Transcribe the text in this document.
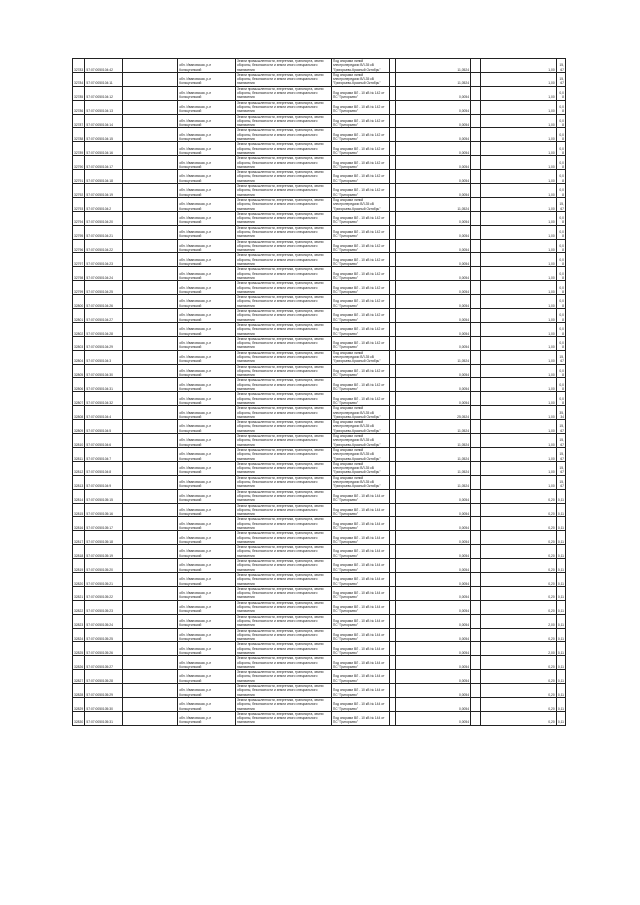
32783	57:07:0050104:42		обл. Ивановская, р-н Кольчугинский	Земли промышленности, энергетики, транспорта, земли обороны, безопасности и земли иного специального назначения	Под опорами линий электропередачи ВЛ-35 кВ "Григорьево-Красный Октябрь"		11,0524		1,00	15,67
32784	57:07:0050104:11		обл. Ивановская, р-н Кольчугинский	Земли промышленности, энергетики, транспорта, земли обороны, безопасности и земли иного специального назначения	Под опорами линий электропередачи ВЛ-35 кВ "Григорьево-Красный Октябрь"		11,0524		1,00	15,67
32785	57:07:0050104:12		обл. Ивановская, р-н Кольчугинский	Земли промышленности, энергетики, транспорта, земли обороны, безопасности и земли иного специального назначения	Под опорами ВЛ - 10 кВ № 142 от ПС "Григорьево"		0,0054		1,00	0,08
32786	57:07:0050104:13		обл. Ивановская, р-н Кольчугинский	Земли промышленности, энергетики, транспорта, земли обороны, безопасности и земли иного специального назначения	Под опорами ВЛ - 10 кВ № 142 от ПС "Григорьево"		0,0054		1,00	0,08
32787	57:07:0050104:14		обл. Ивановская, р-н Кольчугинский	Земли промышленности, энергетики, транспорта, земли обороны, безопасности и земли иного специального назначения	Под опорами ВЛ - 10 кВ № 142 от ПС "Григорьево"		0,0054		1,00	0,08
32788	57:07:0050104:15		обл. Ивановская, р-н Кольчугинский	Земли промышленности, энергетики, транспорта, земли обороны, безопасности и земли иного специального назначения	Под опорами ВЛ - 10 кВ № 142 от ПС "Григорьево"		0,0054		1,00	0,08
32789	57:07:0050104:16		обл. Ивановская, р-н Кольчугинский	Земли промышленности, энергетики, транспорта, земли обороны, безопасности и земли иного специального назначения	Под опорами ВЛ - 10 кВ № 142 от ПС "Григорьево"		0,0054		1,00	0,08
32790	57:07:0050104:17		обл. Ивановская, р-н Кольчугинский	Земли промышленности, энергетики, транспорта, земли обороны, безопасности и земли иного специального назначения	Под опорами ВЛ - 10 кВ № 142 от ПС "Григорьево"		0,0054		1,00	0,08
32791	57:07:0050104:18		обл. Ивановская, р-н Кольчугинский	Земли промышленности, энергетики, транспорта, земли обороны, безопасности и земли иного специального назначения	Под опорами ВЛ - 10 кВ № 142 от ПС "Григорьево"		0,0054		1,00	0,08
32792	57:07:0050104:19		обл. Ивановская, р-н Кольчугинский	Земли промышленности, энергетики, транспорта, земли обороны, безопасности и земли иного специального назначения	Под опорами ВЛ - 10 кВ № 142 от ПС "Григорьево"		0,0054		1,00	0,08
32793	57:07:0050104:2		обл. Ивановская, р-н Кольчугинский	Земли промышленности, энергетики, транспорта, земли обороны, безопасности и земли иного специального назначения	Под опорами линий электропередачи ВЛ-35 кВ "Григорьево-Красный Октябрь"		11,0524		1,00	15,67
32794	57:07:0050104:20		обл. Ивановская, р-н Кольчугинский	Земли промышленности, энергетики, транспорта, земли обороны, безопасности и земли иного специального назначения	Под опорами ВЛ - 10 кВ № 142 от ПС "Григорьево"		0,0054		1,00	0,08
32795	57:07:0050104:21		обл. Ивановская, р-н Кольчугинский	Земли промышленности, энергетики, транспорта, земли обороны, безопасности и земли иного специального назначения	Под опорами ВЛ - 10 кВ № 142 от ПС "Григорьево"		0,0054		1,00	0,08
32796	57:07:0050104:22		обл. Ивановская, р-н Кольчугинский	Земли промышленности, энергетики, транспорта, земли обороны, безопасности и земли иного специального назначения	Под опорами ВЛ - 10 кВ № 142 от ПС "Григорьево"		0,0054		1,00	0,08
32797	57:07:0050104:23		обл. Ивановская, р-н Кольчугинский	Земли промышленности, энергетики, транспорта, земли обороны, безопасности и земли иного специального назначения	Под опорами ВЛ - 10 кВ № 142 от ПС "Григорьево"		0,0054		1,00	0,08
32798	57:07:0050104:24		обл. Ивановская, р-н Кольчугинский	Земли промышленности, энергетики, транспорта, земли обороны, безопасности и земли иного специального назначения	Под опорами ВЛ - 10 кВ № 142 от ПС "Григорьево"		0,0054		1,00	0,08
32799	57:07:0050104:25		обл. Ивановская, р-н Кольчугинский	Земли промышленности, энергетики, транспорта, земли обороны, безопасности и земли иного специального назначения	Под опорами ВЛ - 10 кВ № 142 от ПС "Григорьево"		0,0054		1,00	0,08
32800	57:07:0050104:26		обл. Ивановская, р-н Кольчугинский	Земли промышленности, энергетики, транспорта, земли обороны, безопасности и земли иного специального назначения	Под опорами ВЛ - 10 кВ № 142 от ПС "Григорьево"		0,0054		1,00	0,08
32801	57:07:0050104:27		обл. Ивановская, р-н Кольчугинский	Земли промышленности, энергетики, транспорта, земли обороны, безопасности и земли иного специального назначения	Под опорами ВЛ - 10 кВ № 142 от ПС "Григорьево"		0,0054		1,00	0,08
32802	57:07:0050104:28		обл. Ивановская, р-н Кольчугинский	Земли промышленности, энергетики, транспорта, земли обороны, безопасности и земли иного специального назначения	Под опорами ВЛ - 10 кВ № 142 от ПС "Григорьево"		0,0054		1,00	0,08
32803	57:07:0050104:29		обл. Ивановская, р-н Кольчугинский	Земли промышленности, энергетики, транспорта, земли обороны, безопасности и земли иного специального назначения	Под опорами ВЛ - 10 кВ № 142 от ПС "Григорьево"		0,0054		1,00	0,08
32804	57:07:0050104:3		обл. Ивановская, р-н Кольчугинский	Земли промышленности, энергетики, транспорта, земли обороны, безопасности и земли иного специального назначения	Под опорами линий электропередачи ВЛ-35 кВ "Григорьево-Красный Октябрь"		11,0524		1,00	15,67
32805	57:07:0050104:30		обл. Ивановская, р-н Кольчугинский	Земли промышленности, энергетики, транспорта, земли обороны, безопасности и земли иного специального назначения	Под опорами ВЛ - 10 кВ № 142 от ПС "Григорьево"		0,0054		1,00	0,08
32806	57:07:0050104:31		обл. Ивановская, р-н Кольчугинский	Земли промышленности, энергетики, транспорта, земли обороны, безопасности и земли иного специального назначения	Под опорами ВЛ - 10 кВ № 142 от ПС "Григорьево"		0,0054		1,00	0,08
32807	57:07:0050104:32		обл. Ивановская, р-н Кольчугинский	Земли промышленности, энергетики, транспорта, земли обороны, безопасности и земли иного специального назначения	Под опорами ВЛ - 10 кВ № 142 от ПС "Григорьево"		0,0054		1,00	0,08
32808	57:07:0050104:4		обл. Ивановская, р-н Кольчугинский	Земли промышленности, энергетики, транспорта, земли обороны, безопасности и земли иного специального назначения	Под опорами линий электропередачи ВЛ-35 кВ "Григорьево-Красный Октябрь"		25,0524		1,00	35,34
32809	57:07:0050104:5		обл. Ивановская, р-н Кольчугинский	Земли промышленности, энергетики, транспорта, земли обороны, безопасности и земли иного специального назначения	Под опорами линий электропередачи ВЛ-35 кВ "Григорьево-Красный Октябрь"		11,0524		1,00	15,67
32810	57:07:0050104:6		обл. Ивановская, р-н Кольчугинский	Земли промышленности, энергетики, транспорта, земли обороны, безопасности и земли иного специального назначения	Под опорами линий электропередачи ВЛ-35 кВ "Григорьево-Красный Октябрь"		11,0524		1,00	15,67
32811	57:07:0050104:7		обл. Ивановская, р-н Кольчугинский	Земли промышленности, энергетики, транспорта, земли обороны, безопасности и земли иного специального назначения	Под опорами линий электропередачи ВЛ-35 кВ "Григорьево-Красный Октябрь"		11,0524		1,00	15,67
32812	57:07:0050104:8		обл. Ивановская, р-н Кольчугинский	Земли промышленности, энергетики, транспорта, земли обороны, безопасности и земли иного специального назначения	Под опорами линий электропередачи ВЛ-35 кВ "Григорьево-Красный Октябрь"		11,0524		1,00	15,67
32813	57:07:0050104:9		обл. Ивановская, р-н Кольчугинский	Земли промышленности, энергетики, транспорта, земли обороны, безопасности и земли иного специального назначения	Под опорами линий электропередачи ВЛ-35 кВ "Григорьево-Красный Октябрь"		11,0524		1,00	15,67
32814	57:07:0050105:15		обл. Ивановская, р-н Кольчугинский	Земли промышленности, энергетики, транспорта, земли обороны, безопасности и земли иного специального назначения	Под опорами ВЛ - 10 кВ № 144 от ПС "Григорьево"		0,0054		0,20	0,11
32815	57:07:0050105:16		обл. Ивановская, р-н Кольчугинский	Земли промышленности, энергетики, транспорта, земли обороны, безопасности и земли иного специального назначения	Под опорами ВЛ - 10 кВ № 144 от ПС "Григорьево"		0,0054		0,20	0,11
32816	57:07:0050105:17		обл. Ивановская, р-н Кольчугинский	Земли промышленности, энергетики, транспорта, земли обороны, безопасности и земли иного специального назначения	Под опорами ВЛ - 10 кВ № 144 от ПС "Григорьево"		0,0054		0,20	0,11
32817	57:07:0050105:18		обл. Ивановская, р-н Кольчугинский	Земли промышленности, энергетики, транспорта, земли обороны, безопасности и земли иного специального назначения	Под опорами ВЛ - 10 кВ № 144 от ПС "Григорьево"		0,0054		0,20	0,11
32818	57:07:0050105:19		обл. Ивановская, р-н Кольчугинский	Земли промышленности, энергетики, транспорта, земли обороны, безопасности и земли иного специального назначения	Под опорами ВЛ - 10 кВ № 144 от ПС "Григорьево"		0,0054		0,20	0,11
32819	57:07:0050105:20		обл. Ивановская, р-н Кольчугинский	Земли промышленности, энергетики, транспорта, земли обороны, безопасности и земли иного специального назначения	Под опорами ВЛ - 10 кВ № 144 от ПС "Григорьево"		0,0054		0,20	0,11
32820	57:07:0050105:21		обл. Ивановская, р-н Кольчугинский	Земли промышленности, энергетики, транспорта, земли обороны, безопасности и земли иного специального назначения	Под опорами ВЛ - 10 кВ № 144 от ПС "Григорьево"		0,0054		0,20	0,11
32821	57:07:0050105:22		обл. Ивановская, р-н Кольчугинский	Земли промышленности, энергетики, транспорта, земли обороны, безопасности и земли иного специального назначения	Под опорами ВЛ - 10 кВ № 144 от ПС "Григорьево"		0,0054		0,20	0,11
32822	57:07:0050105:23		обл. Ивановская, р-н Кольчугинский	Земли промышленности, энергетики, транспорта, земли обороны, безопасности и земли иного специального назначения	Под опорами ВЛ - 10 кВ № 144 от ПС "Григорьево"		0,0054		0,20	0,11
32823	57:07:0050105:24		обл. Ивановская, р-н Кольчугинский	Земли промышленности, энергетики, транспорта, земли обороны, безопасности и земли иного специального назначения	Под опорами ВЛ - 10 кВ № 144 от ПС "Григорьево"		0,0054		2,00	0,11
32824	57:07:0050105:25		обл. Ивановская, р-н Кольчугинский	Земли промышленности, энергетики, транспорта, земли обороны, безопасности и земли иного специального назначения	Под опорами ВЛ - 10 кВ № 144 от ПС "Григорьево"		0,0054		0,20	0,11
32825	57:07:0050105:26		обл. Ивановская, р-н Кольчугинский	Земли промышленности, энергетики, транспорта, земли обороны, безопасности и земли иного специального назначения	Под опорами ВЛ - 10 кВ № 144 от ПС "Григорьево"		0,0054		2,00	0,11
32826	57:07:0050105:27		обл. Ивановская, р-н Кольчугинский	Земли промышленности, энергетики, транспорта, земли обороны, безопасности и земли иного специального назначения	Под опорами ВЛ - 10 кВ № 144 от ПС "Григорьево"		0,0054		0,20	0,11
32827	57:07:0050105:28		обл. Ивановская, р-н Кольчугинский	Земли промышленности, энергетики, транспорта, земли обороны, безопасности и земли иного специального назначения	Под опорами ВЛ - 10 кВ № 144 от ПС "Григорьево"		0,0054		0,20	0,11
32828	57:07:0050105:29		обл. Ивановская, р-н Кольчугинский	Земли промышленности, энергетики, транспорта, земли обороны, безопасности и земли иного специального назначения	Под опорами ВЛ - 10 кВ № 144 от ПС "Григорьево"		0,0054		0,20	0,11
32829	57:07:0050105:30		обл. Ивановская, р-н Кольчугинский	Земли промышленности, энергетики, транспорта, земли обороны, безопасности и земли иного специального назначения	Под опорами ВЛ - 10 кВ № 144 от ПС "Григорьево"		0,0054		0,20	0,11
32830	57:07:0050105:31		обл. Ивановская, р-н Кольчугинский	Земли промышленности, энергетики, транспорта, земли обороны, безопасности и земли иного специального назначения	Под опорами ВЛ - 10 кВ № 144 от ПС "Григорьево"		0,0054		0,20	0,11
